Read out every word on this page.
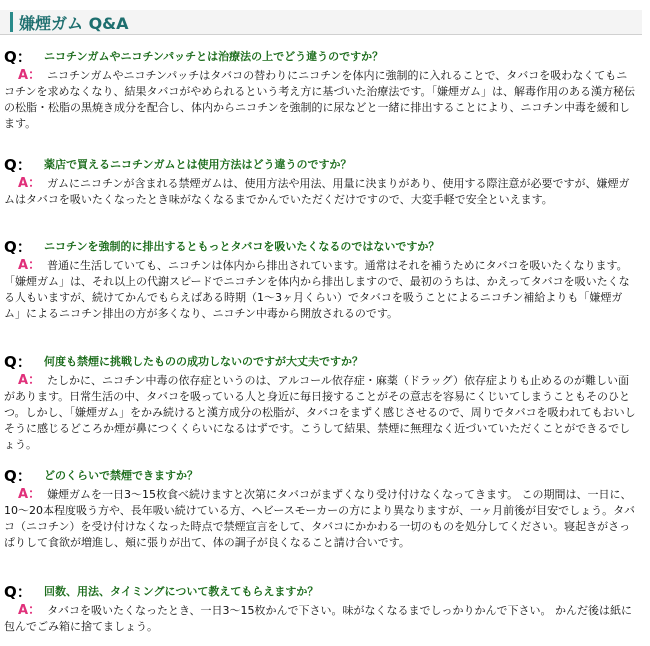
嫌煙ガム Q&A
Q： ニコチンガムやニコチンパッチとは治療法の上でどう違うのですか？
A： ニコチンガムやニコチンパッチはタバコの替わりにニコチンを体内に強制的に入れることで、タバコを吸わなくてもニコチンを求めなくなり、結果タバコがやめられるという考え方に基づいた治療法です。「嫌煙ガム」は、解毒作用のある漢方秘伝の松脂・松脂の黒焼き成分を配合し、体内からニコチンを強制的に尿などと一緒に排出することにより、ニコチン中毒を緩和します。
Q： 薬店で買えるニコチンガムとは使用方法はどう違うのですか？
A： ガムにニコチンが含まれる禁煙ガムは、使用方法や用法、用量に決まりがあり、使用する際注意が必要ですが、嫌煙ガムはタバコを吸いたくなったとき味がなくなるまでかんでいただくだけですので、大変手軽で安全といえます。
Q： ニコチンを強制的に排出するともっとタバコを吸いたくなるのではないですか？
A： 普通に生活していても、ニコチンは体内から排出されています。通常はそれを補うためにタバコを吸いたくなります。「嫌煙ガム」は、それ以上の代謝スピードでニコチンを体内から排出しますので、最初のうちは、かえってタバコを吸いたくなる人もいますが、続けてかんでもらえばある時期（1～3ヶ月くらい）でタバコを吸うことによるニコチン補給よりも「嫌煙ガム」によるニコチン排出の方が多くなり、ニコチン中毒から開放されるのです。
Q： 何度も禁煙に挑戦したものの成功しないのですが大丈夫ですか？
A： たしかに、ニコチン中毒の依存症というのは、アルコール依存症・麻薬（ドラッグ）依存症よりも止めるのが難しい面があります。日常生活の中、タバコを吸っている人と身近に毎日接することがその意志を容易にくじいてしまうこともそのひとつ。しかし、「嫌煙ガム」をかみ続けると漢方成分の松脂が、タバコをまずく感じさせるので、周りでタバコを吸われてもおいしそうに感じるどころか煙が鼻につくくらいになるはずです。こうして結果、禁煙に無理なく近づいていただくことができるでしょう。
Q： どのくらいで禁煙できますか？
A： 嫌煙ガムを一日3～15枚食べ続けますと次第にタバコがまずくなり受け付けなくなってきます。 この期間は、一日に、10～20本程度吸う方や、長年吸い続けている方、ヘビースモーカーの方により異なりますが、一ヶ月前後が目安でしょう。タバコ（ニコチン）を受け付けなくなった時点で禁煙宣言をして、タバコにかかわる一切のものを処分してください。寝起きがさっぱりして食欲が増進し、頬に張りが出て、体の調子が良くなること請け合いです。
Q： 回数、用法、タイミングについて教えてもらえますか？
A： タバコを吸いたくなったとき、一日3～15枚かんで下さい。味がなくなるまでしっかりかんで下さい。 かんだ後は紙に包んでごみ箱に捨てましょう。
